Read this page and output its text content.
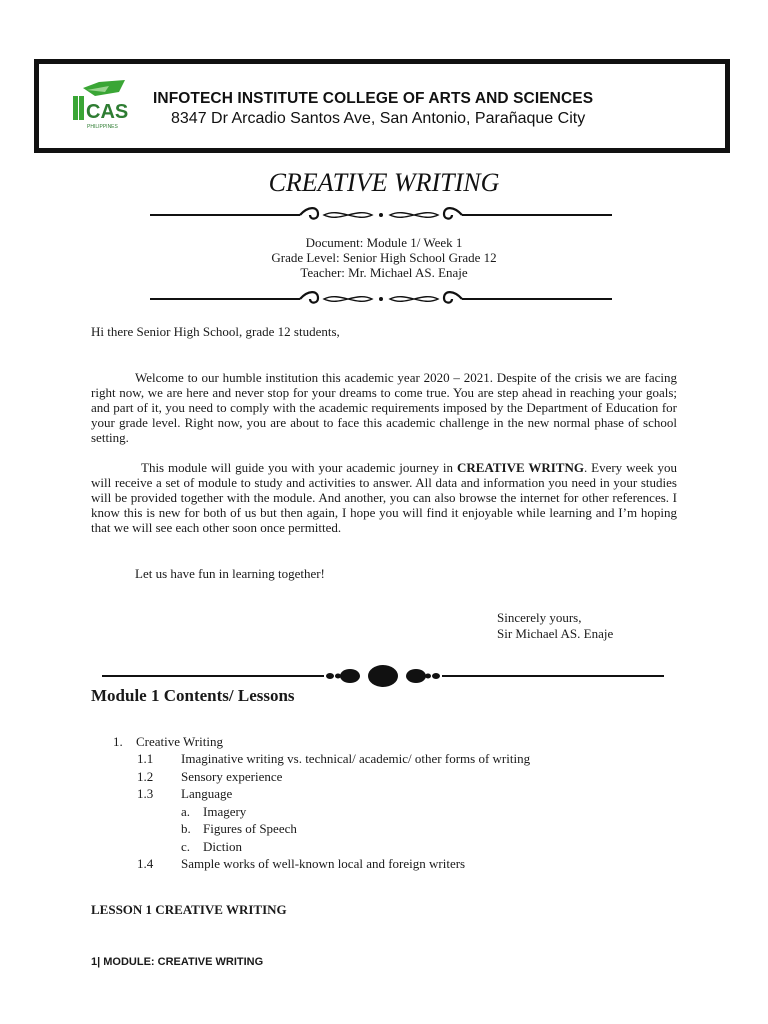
CAS
PHILIPPINES
INFOTECH INSTITUTE COLLEGE OF ARTS AND SCIENCES
8347 Dr Arcadio Santos Ave, San Antonio, Parañaque City
CREATIVE WRITING
Document: Module 1/ Week 1
Grade Level: Senior High School Grade 12
Teacher: Mr. Michael AS. Enaje
Hi there Senior High School, grade 12 students,
Welcome to our humble institution this academic year 2020 – 2021. Despite of the crisis we are facing right now, we are here and never stop for your dreams to come true. You are step ahead in reaching your goals; and part of it, you need to comply with the academic requirements imposed by the Department of Education for your grade level. Right now, you are about to face this academic challenge in the new normal phase of school setting.
This module will guide you with your academic journey in CREATIVE WRITNG. Every week you will receive a set of module to study and activities to answer. All data and information you need in your studies will be provided together with the module. And another, you can also browse the internet for other references. I know this is new for both of us but then again, I hope you will find it enjoyable while learning and I’m hoping that we will see each other soon once permitted.
Let us have fun in learning together!
Sincerely yours,
Sir Michael AS. Enaje
Module 1 Contents/ Lessons
1. Creative Writing
1.1 Imaginative writing vs. technical/ academic/ other forms of writing
1.2 Sensory experience
1.3 Language
a. Imagery
b. Figures of Speech
c. Diction
1.4 Sample works of well-known local and foreign writers
LESSON 1 CREATIVE WRITING
1| MODULE: CREATIVE WRITING
